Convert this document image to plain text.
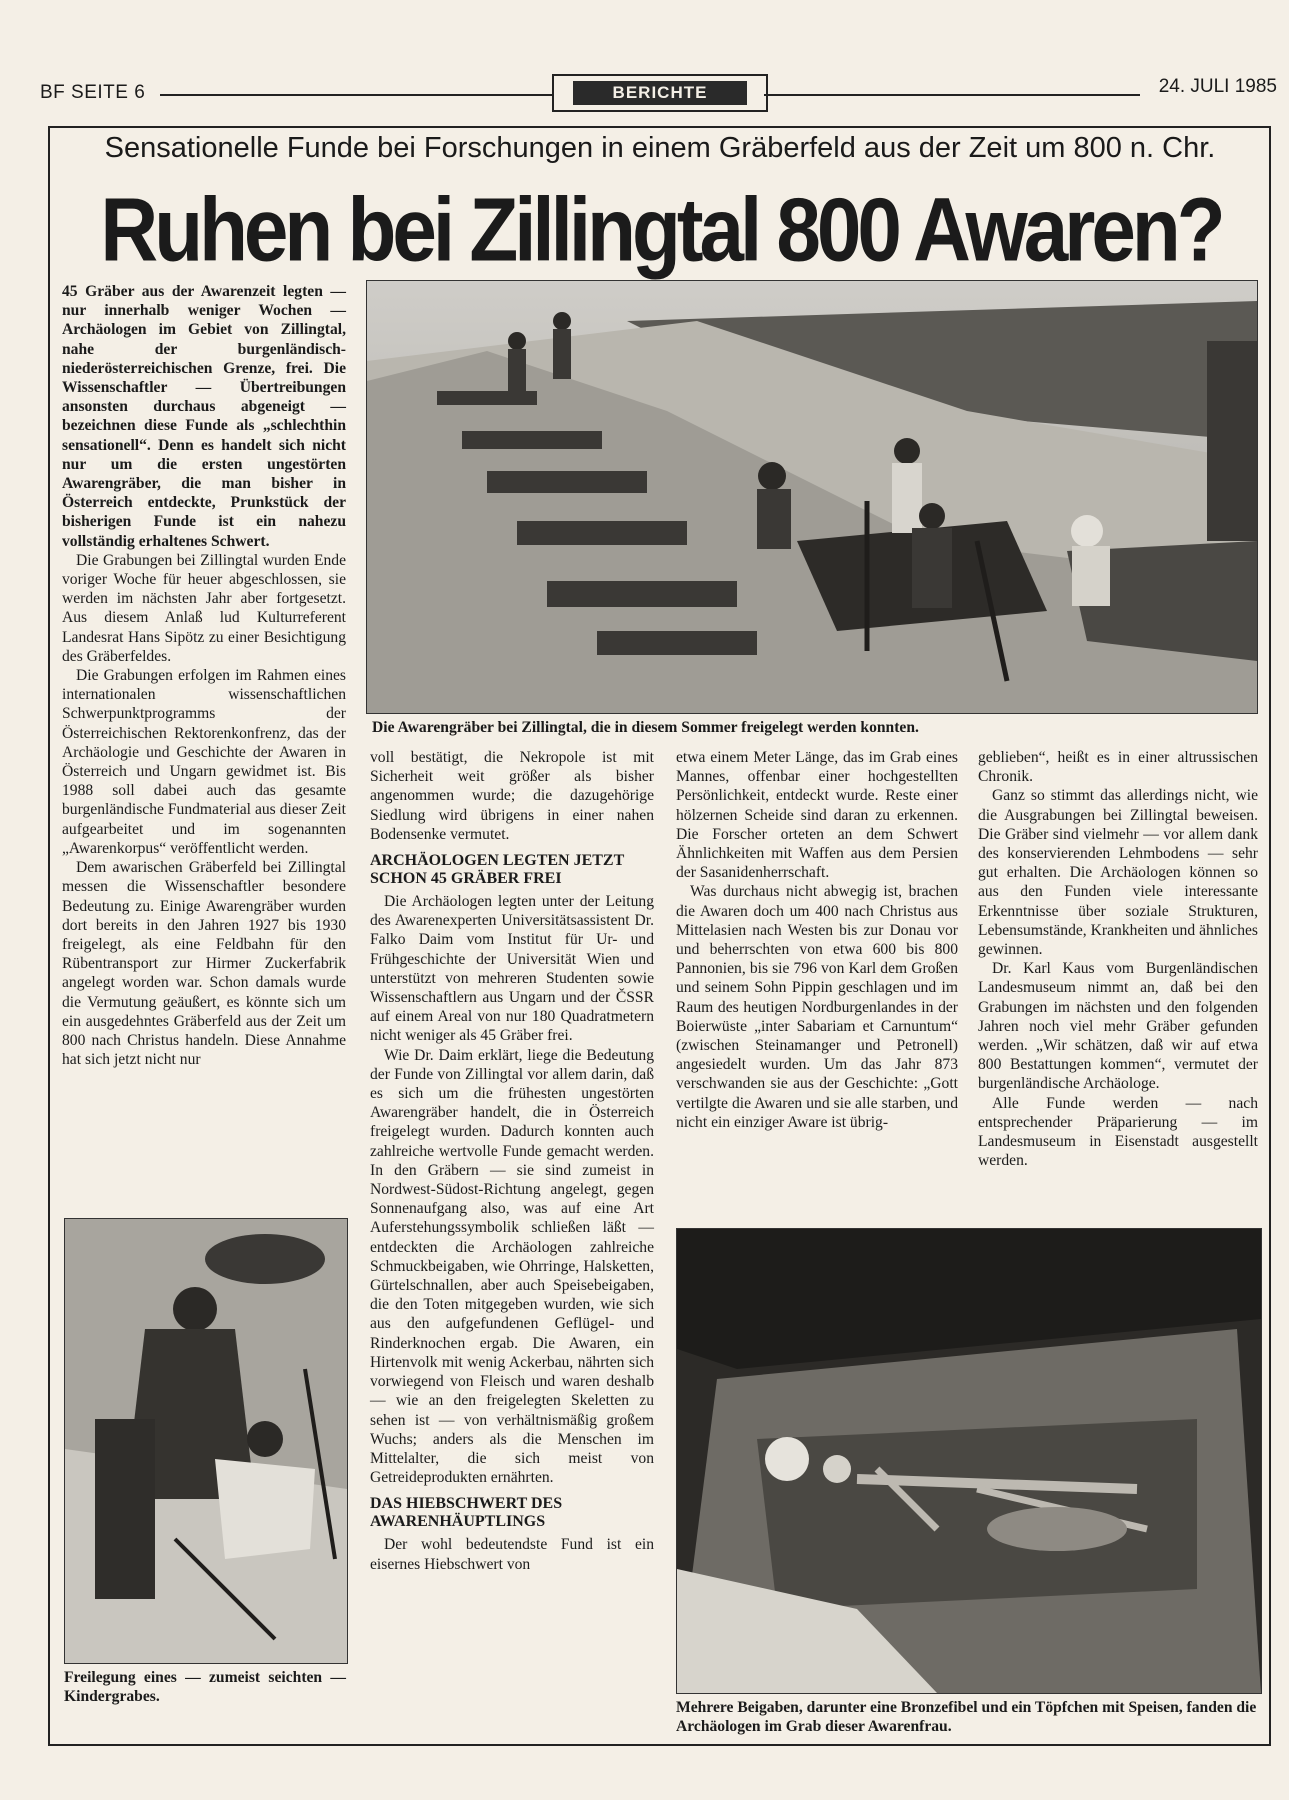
BF SEITE 6	BERICHTE	24. JULI 1985
Sensationelle Funde bei Forschungen in einem Gräberfeld aus der Zeit um 800 n. Chr.
Ruhen bei Zillingtal 800 Awaren?
Die Awarengräber bei Zillingtal, die in diesem Sommer freigelegt werden konnten.

45 Gräber aus der Awarenzeit legten — nur innerhalb weniger Wochen — Archäologen im Gebiet von Zillingtal, nahe der burgenländisch-niederösterreichischen Grenze, frei. Die Wissenschaftler — Übertreibungen ansonsten durchaus abgeneigt — bezeichnen diese Funde als „schlechthin sensationell“. Denn es handelt sich nicht nur um die ersten ungestörten Awarengräber, die man bisher in Österreich entdeckte, Prunkstück der bisherigen Funde ist ein nahezu vollständig erhaltenes Schwert.

Die Grabungen bei Zillingtal wurden Ende voriger Woche für heuer abgeschlossen, sie werden im nächsten Jahr aber fortgesetzt. Aus diesem Anlaß lud Kulturreferent Landesrat Hans Sipötz zu einer Besichtigung des Gräberfeldes.

Die Grabungen erfolgen im Rahmen eines internationalen wissenschaftlichen Schwerpunktprogramms der Österreichischen Rektorenkonfrenz, das der Archäologie und Geschichte der Awaren in Österreich und Ungarn gewidmet ist. Bis 1988 soll dabei auch das gesamte burgenländische Fundmaterial aus dieser Zeit aufgearbeitet und im sogenannten „Awarenkorpus“ veröffentlicht werden.

Dem awarischen Gräberfeld bei Zillingtal messen die Wissenschaftler besondere Bedeutung zu. Einige Awarengräber wurden dort bereits in den Jahren 1927 bis 1930 freigelegt, als eine Feldbahn für den Rübentransport zur Hirmer Zuckerfabrik angelegt worden war. Schon damals wurde die Vermutung geäußert, es könnte sich um ein ausgedehntes Gräberfeld aus der Zeit um 800 nach Christus handeln. Diese Annahme hat sich jetzt nicht nur

Freilegung eines — zumeist seichten — Kindergrabes.

voll bestätigt, die Nekropole ist mit Sicherheit weit größer als bisher angenommen wurde; die dazugehörige Siedlung wird übrigens in einer nahen Bodensenke vermutet.

ARCHÄOLOGEN LEGTEN JETZT SCHON 45 GRÄBER FREI

Die Archäologen legten unter der Leitung des Awarenexperten Universitätsassistent Dr. Falko Daim vom Institut für Ur- und Frühgeschichte der Universität Wien und unterstützt von mehreren Studenten sowie Wissenschaftlern aus Ungarn und der ČSSR auf einem Areal von nur 180 Quadratmetern nicht weniger als 45 Gräber frei.

Wie Dr. Daim erklärt, liege die Bedeutung der Funde von Zillingtal vor allem darin, daß es sich um die frühesten ungestörten Awarengräber handelt, die in Österreich freigelegt wurden. Dadurch konnten auch zahlreiche wertvolle Funde gemacht werden. In den Gräbern — sie sind zumeist in Nordwest-Südost-Richtung angelegt, gegen Sonnenaufgang also, was auf eine Art Auferstehungssymbolik schließen läßt — entdeckten die Archäologen zahlreiche Schmuckbeigaben, wie Ohrringe, Halsketten, Gürtelschnallen, aber auch Speisebeigaben, die den Toten mitgegeben wurden, wie sich aus den aufgefundenen Geflügel- und Rinderknochen ergab. Die Awaren, ein Hirtenvolk mit wenig Ackerbau, nährten sich vorwiegend von Fleisch und waren deshalb — wie an den freigelegten Skeletten zu sehen ist — von verhältnismäßig großem Wuchs; anders als die Menschen im Mittelalter, die sich meist von Getreideprodukten ernährten.

DAS HIEBSCHWERT DES AWARENHÄUPTLINGS

Der wohl bedeutendste Fund ist ein eisernes Hiebschwert von

etwa einem Meter Länge, das im Grab eines Mannes, offenbar einer hochgestellten Persönlichkeit, entdeckt wurde. Reste einer hölzernen Scheide sind daran zu erkennen. Die Forscher orteten an dem Schwert Ähnlichkeiten mit Waffen aus dem Persien der Sasanidenherrschaft.

Was durchaus nicht abwegig ist, brachen die Awaren doch um 400 nach Christus aus Mittelasien nach Westen bis zur Donau vor und beherrschten von etwa 600 bis 800 Pannonien, bis sie 796 von Karl dem Großen und seinem Sohn Pippin geschlagen und im Raum des heutigen Nordburgenlandes in der Boierwüste „inter Sabariam et Carnuntum“ (zwischen Steinamanger und Petronell) angesiedelt wurden. Um das Jahr 873 verschwanden sie aus der Geschichte: „Gott vertilgte die Awaren und sie alle starben, und nicht ein einziger Aware ist übrig-

geblieben“, heißt es in einer altrussischen Chronik.

Ganz so stimmt das allerdings nicht, wie die Ausgrabungen bei Zillingtal beweisen. Die Gräber sind vielmehr — vor allem dank des konservierenden Lehmbodens — sehr gut erhalten. Die Archäologen können so aus den Funden viele interessante Erkenntnisse über soziale Strukturen, Lebensumstände, Krankheiten und ähnliches gewinnen.

Dr. Karl Kaus vom Burgenländischen Landesmuseum nimmt an, daß bei den Grabungen im nächsten und den folgenden Jahren noch viel mehr Gräber gefunden werden. „Wir schätzen, daß wir auf etwa 800 Bestattungen kommen“, vermutet der burgenländische Archäologe.

Alle Funde werden — nach entsprechender Präparierung — im Landesmuseum in Eisenstadt ausgestellt werden.

Mehrere Beigaben, darunter eine Bronzefibel und ein Töpfchen mit Speisen, fanden die Archäologen im Grab dieser Awarenfrau.
